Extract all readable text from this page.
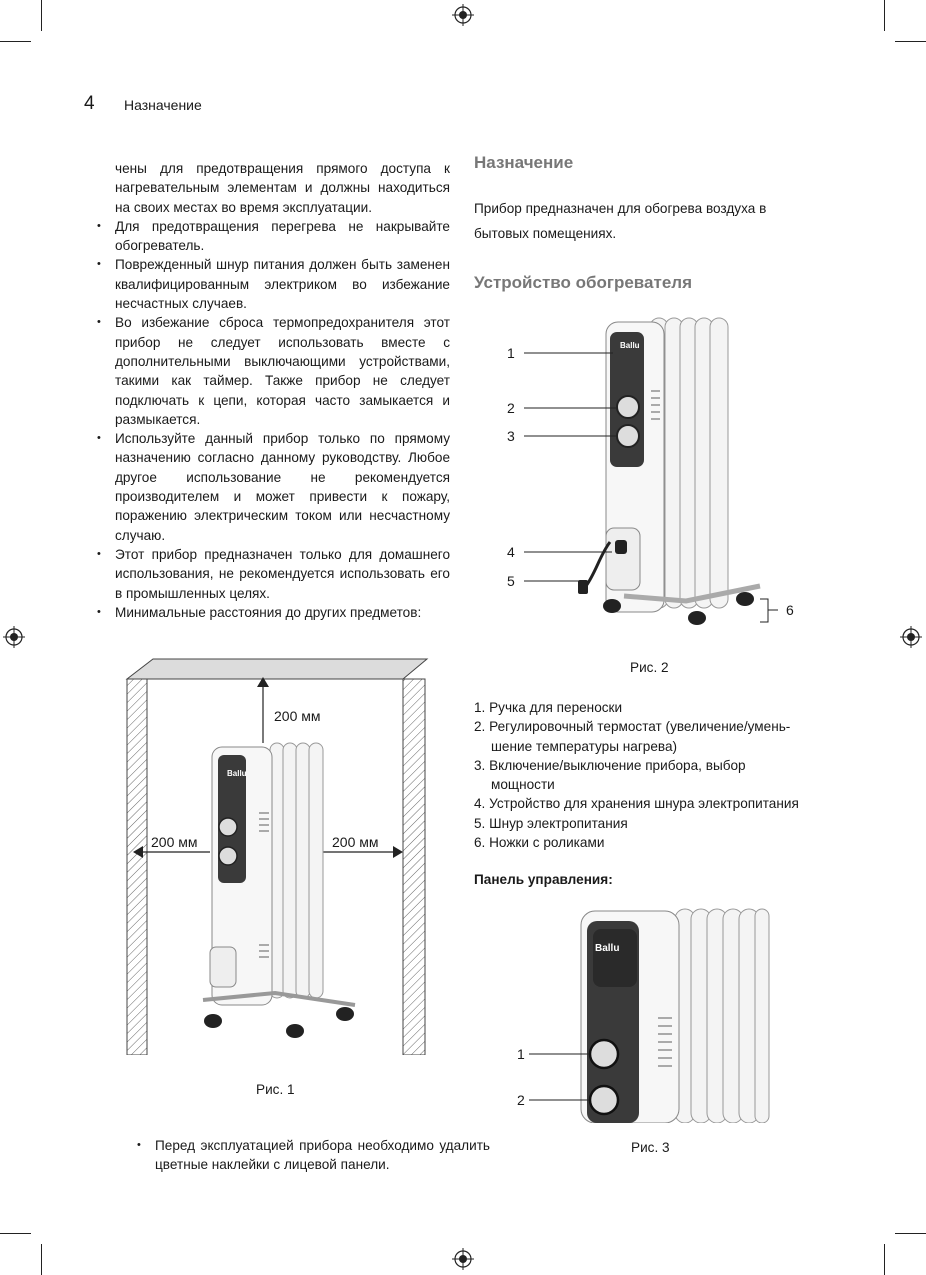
4 Назначение

чены для предотвращения прямого доступа к нагревательным элементам и должны находиться на своих местах во время эксплуатации.

• Для предотвращения перегрева не накрывайте обогреватель.
• Поврежденный шнур питания должен быть заменен квалифицированным электриком во избежание несчастных случаев.
• Во избежание сброса термопредохранителя этот прибор не следует использовать вместе с дополнительными выключающими устройствами, такими как таймер. Также прибор не следует подключать к цепи, которая часто замыкается и размыкается.
• Используйте данный прибор только по прямому назначению согласно данному руководству. Любое другое использование не рекомендуется производителем и может привести к пожару, поражению электрическим током или несчастному случаю.
• Этот прибор предназначен только для домашнего использования, не рекомендуется использовать его в промышленных целях.
• Минимальные расстояния до других предметов:
Ballu
200 мм
200 мм	200 мм
Рис. 1
• Перед эксплуатацией прибора необходимо удалить цветные наклейки с лицевой панели.
Назначение
Прибор предназначен для обогрева воздуха в бытовых помещениях.
Устройство обогревателя
Ballu
1
2
3
4
5
6
Рис. 2
1. Ручка для переноски
2. Регулировочный термостат (увеличение/умень-
шение температуры нагрева)
3. Включение/выключение прибора, выбор
мощности
4. Устройство для хранения шнура электропитания
5. Шнур электропитания
6. Ножки с роликами
Панель управления:
Ballu
1
2
Рис. 3
